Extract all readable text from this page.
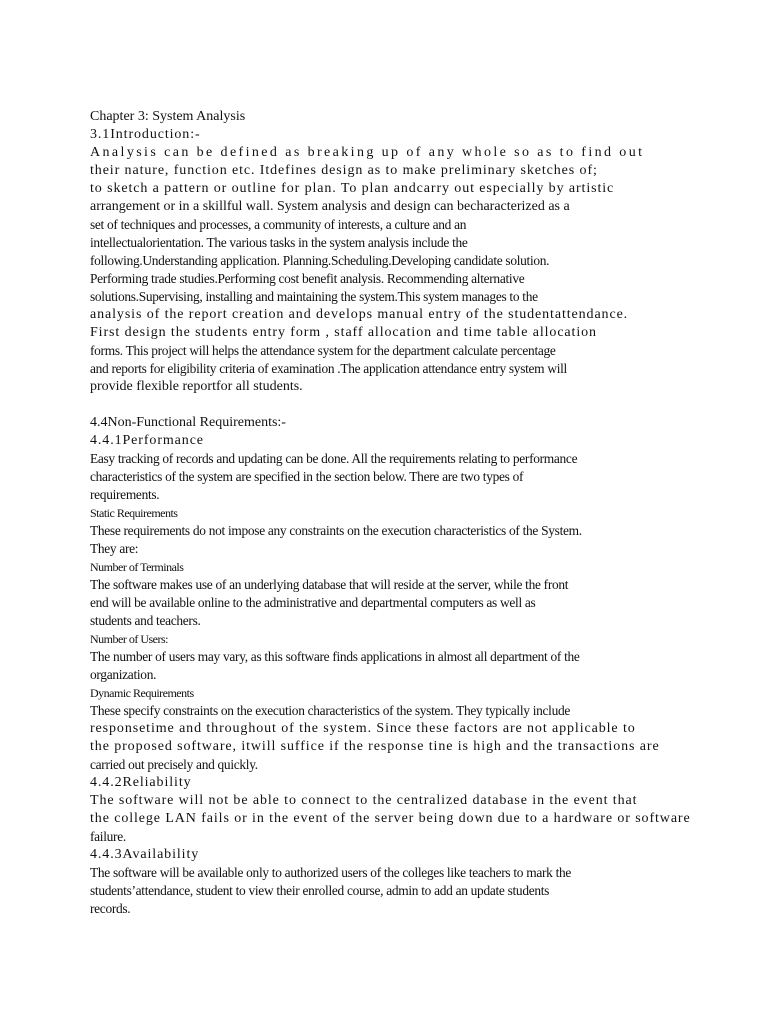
Chapter 3: System Analysis
3.1Introduction:-
Analysis can be defined as breaking up of any whole so as to find out
their nature, function etc. Itdefines design as to make preliminary sketches of;
to sketch a pattern or outline for plan. To plan andcarry out especially by artistic
arrangement or in a skillful wall. System analysis and design can becharacterized as a
set of techniques and processes, a community of interests, a culture and an
intellectualorientation. The various tasks in the system analysis include the
following.Understanding application. Planning.Scheduling.Developing candidate solution.
Performing trade studies.Performing cost benefit analysis. Recommending alternative
solutions.Supervising, installing and maintaining the system.This system manages to the
analysis of the report creation and develops manual entry of the studentattendance.
First design the students entry form , staff allocation and time table allocation
forms. This project will helps the attendance system for the department calculate percentage
and reports for eligibility criteria of examination .The application attendance entry system will
provide flexible reportfor all students.
4.4Non-Functional Requirements:-
4.4.1Performance
Easy tracking of records and updating can be done. All the requirements relating to performance
characteristics of the system are specified in the section below. There are two types of
requirements.
Static Requirements
These requirements do not impose any constraints on the execution characteristics of the System.
They are:
Number of Terminals
The software makes use of an underlying database that will reside at the server, while the front
end will be available online to the administrative and departmental computers as well as
students and teachers.
Number of Users:
The number of users may vary, as this software finds applications in almost all department of the
organization.
Dynamic Requirements
These specify constraints on the execution characteristics of the system. They typically include
responsetime and throughout of the system. Since these factors are not applicable to
the proposed software, itwill suffice if the response tine is high and the transactions are
carried out precisely and quickly.
4.4.2Reliability
The software will not be able to connect to the centralized database in the event that
the college LAN fails or in the event of the server being down due to a hardware or software
failure.
4.4.3Availability
The software will be available only to authorized users of the colleges like teachers to mark the
students’attendance, student to view their enrolled course, admin to add an update students
records.
